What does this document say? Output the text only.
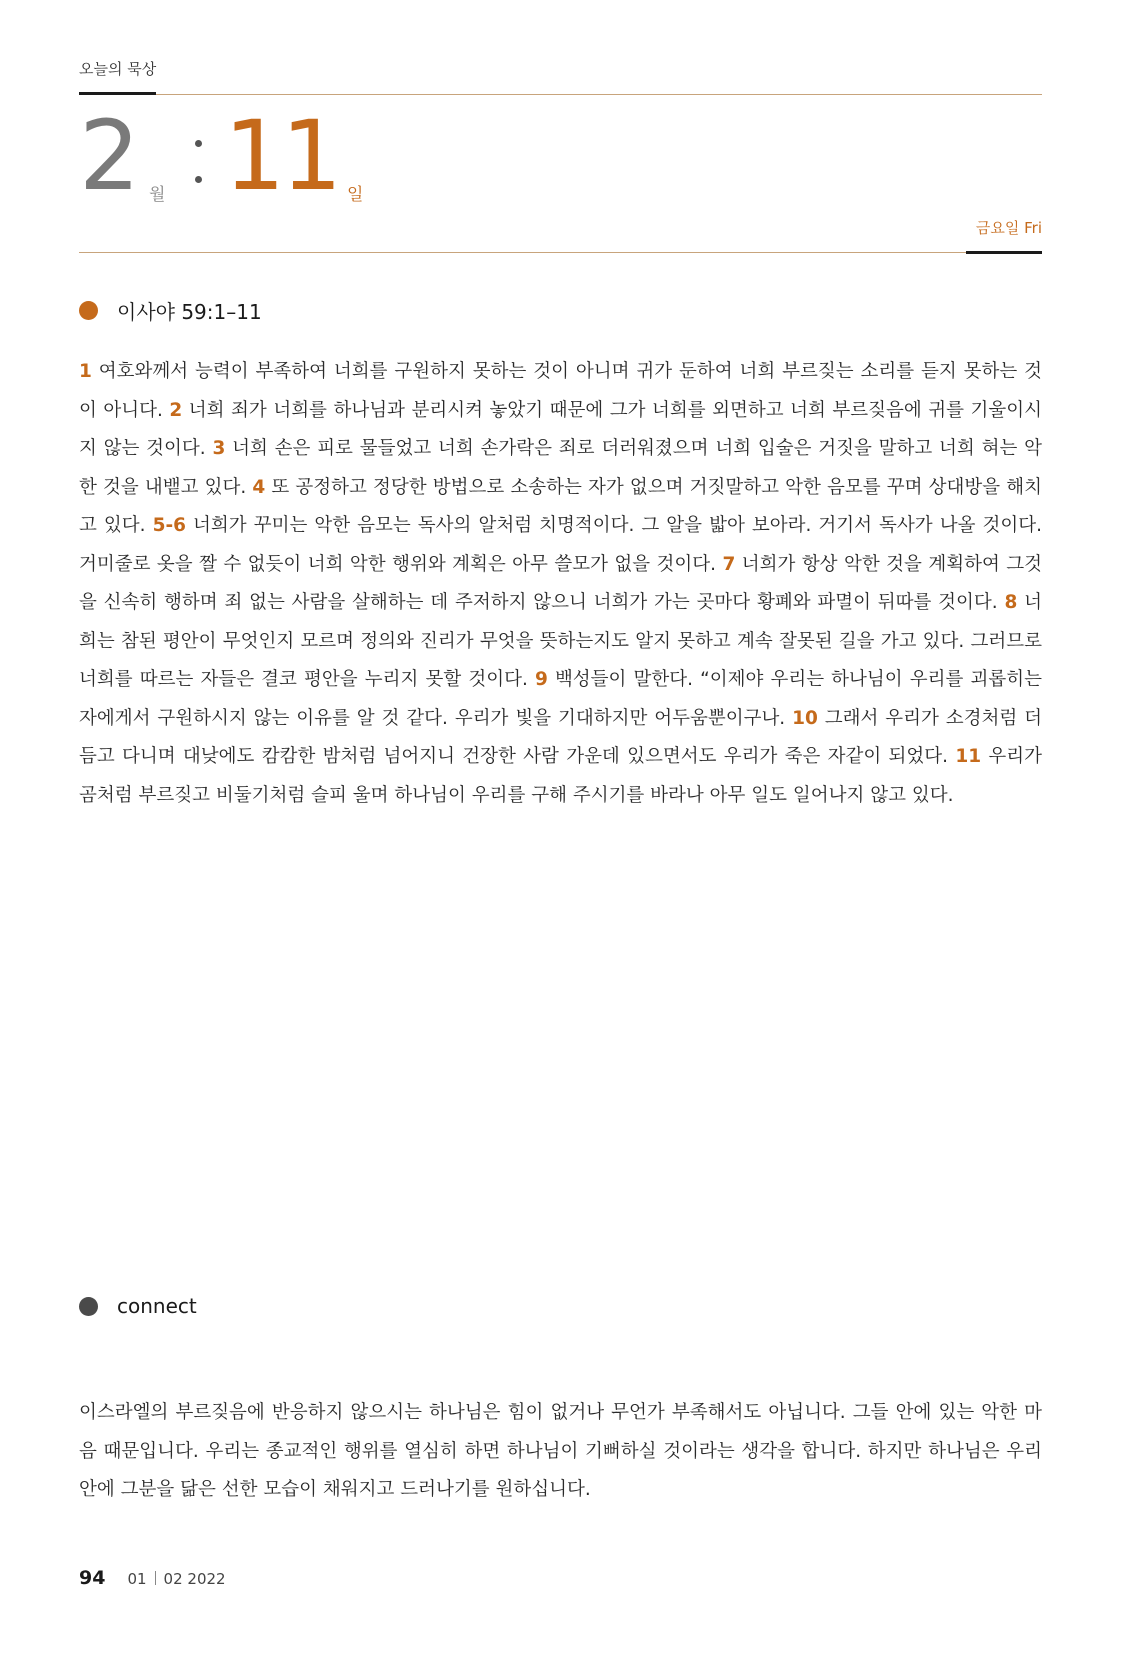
오늘의 묵상
2 월 11 일
금요일 Fri
이사야 59:1–11
1 여호와께서 능력이 부족하여 너희를 구원하지 못하는 것이 아니며 귀가 둔하여 너희 부르짖는 소리를 듣지 못하는 것이 아니다. 2 너희 죄가 너희를 하나님과 분리시켜 놓았기 때문에 그가 너희를 외면하고 너희 부르짖음에 귀를 기울이시지 않는 것이다. 3 너희 손은 피로 물들었고 너희 손가락은 죄로 더러워졌으며 너희 입술은 거짓을 말하고 너희 혀는 악한 것을 내뱉고 있다. 4 또 공정하고 정당한 방법으로 소송하는 자가 없으며 거짓말하고 악한 음모를 꾸며 상대방을 해치고 있다. 5-6 너희가 꾸미는 악한 음모는 독사의 알처럼 치명적이다. 그 알을 밟아 보아라. 거기서 독사가 나올 것이다. 거미줄로 옷을 짤 수 없듯이 너희 악한 행위와 계획은 아무 쓸모가 없을 것이다. 7 너희가 항상 악한 것을 계획하여 그것을 신속히 행하며 죄 없는 사람을 살해하는 데 주저하지 않으니 너희가 가는 곳마다 황폐와 파멸이 뒤따를 것이다. 8 너희는 참된 평안이 무엇인지 모르며 정의와 진리가 무엇을 뜻하는지도 알지 못하고 계속 잘못된 길을 가고 있다. 그러므로 너희를 따르는 자들은 결코 평안을 누리지 못할 것이다. 9 백성들이 말한다. “이제야 우리는 하나님이 우리를 괴롭히는 자에게서 구원하시지 않는 이유를 알 것 같다. 우리가 빛을 기대하지만 어두움뿐이구나. 10 그래서 우리가 소경처럼 더듬고 다니며 대낮에도 캄캄한 밤처럼 넘어지니 건장한 사람 가운데 있으면서도 우리가 죽은 자같이 되었다. 11 우리가 곰처럼 부르짖고 비둘기처럼 슬피 울며 하나님이 우리를 구해 주시기를 바라나 아무 일도 일어나지 않고 있다.
connect
이스라엘의 부르짖음에 반응하지 않으시는 하나님은 힘이 없거나 무언가 부족해서도 아닙니다. 그들 안에 있는 악한 마음 때문입니다. 우리는 종교적인 행위를 열심히 하면 하나님이 기뻐하실 것이라는 생각을 합니다. 하지만 하나님은 우리 안에 그분을 닮은 선한 모습이 채워지고 드러나기를 원하십니다.
94 01 02 2022
